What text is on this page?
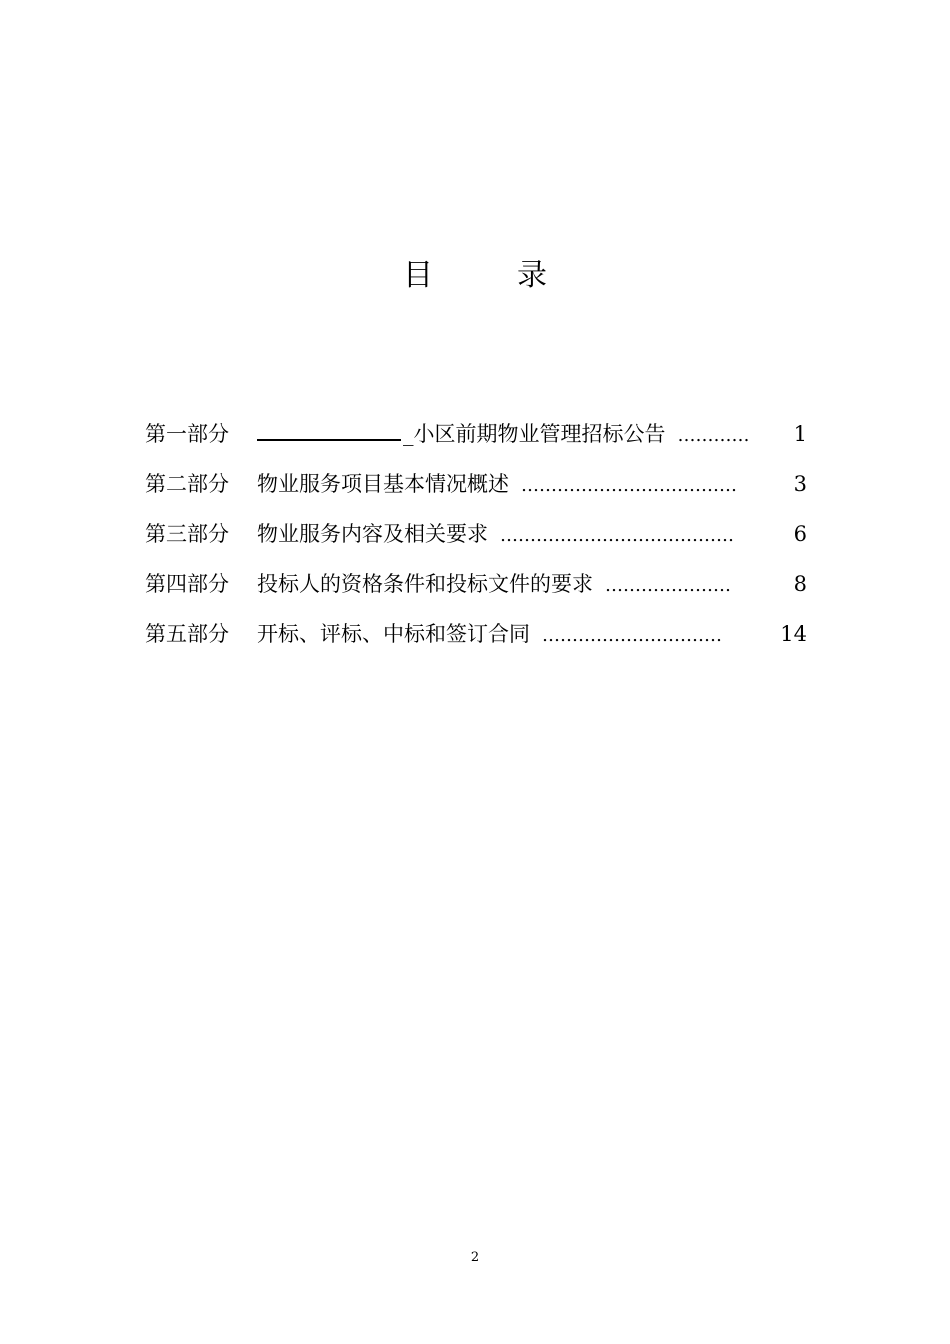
目	录
第一部分	_小区前期物业管理招标公告 …………	1
第二部分	物业服务项目基本情况概述 ………………………………	3
第三部分	物业服务内容及相关要求 …………………………………	6
第四部分	投标人的资格条件和投标文件的要求 …………………	8
第五部分	开标、评标、中标和签订合同 …………………………	14
2
